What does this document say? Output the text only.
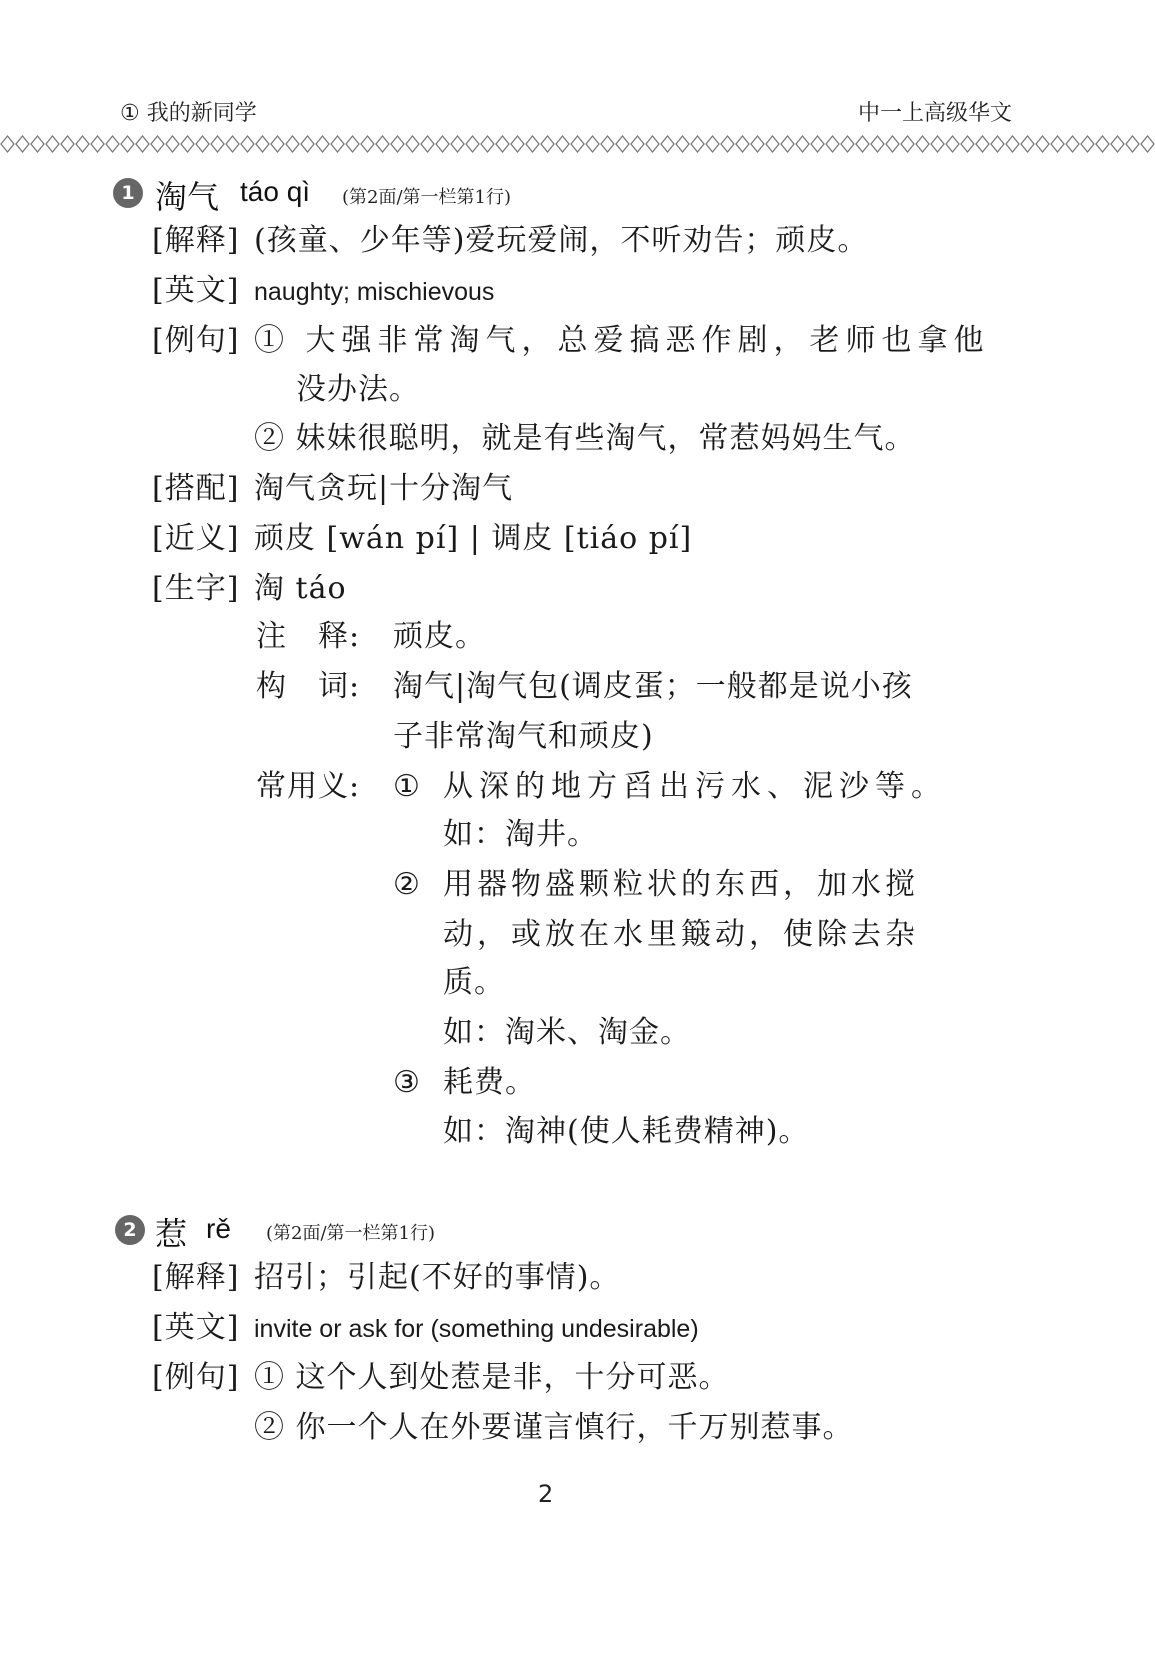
① 我的新同学	中一上高级华文
1 淘气 táo qì (第2面/第一栏第1行)
[解释] (孩童、少年等)爱玩爱闹，不听劝告；顽皮。
[英文] naughty; mischievous
[例句] ① 大强非常淘气，总爱搞恶作剧，老师也拿他
没办法。
② 妹妹很聪明，就是有些淘气，常惹妈妈生气。
[搭配] 淘气贪玩|十分淘气
[近义] 顽皮 [wán pí] | 调皮 [tiáo pí]
[生字] 淘 táo
注　释: 顽皮。
构　词: 淘气|淘气包(调皮蛋；一般都是说小孩
子非常淘气和顽皮)
常用义: ① 从深的地方舀出污水、泥沙等。
如：淘井。
② 用器物盛颗粒状的东西，加水搅
动，或放在水里簸动，使除去杂
质。
如：淘米、淘金。
③ 耗费。
如：淘神(使人耗费精神)。
2 惹 rě (第2面/第一栏第1行)
[解释] 招引；引起(不好的事情)。
[英文] invite or ask for (something undesirable)
[例句] ① 这个人到处惹是非，十分可恶。
② 你一个人在外要谨言慎行，千万别惹事。
2
